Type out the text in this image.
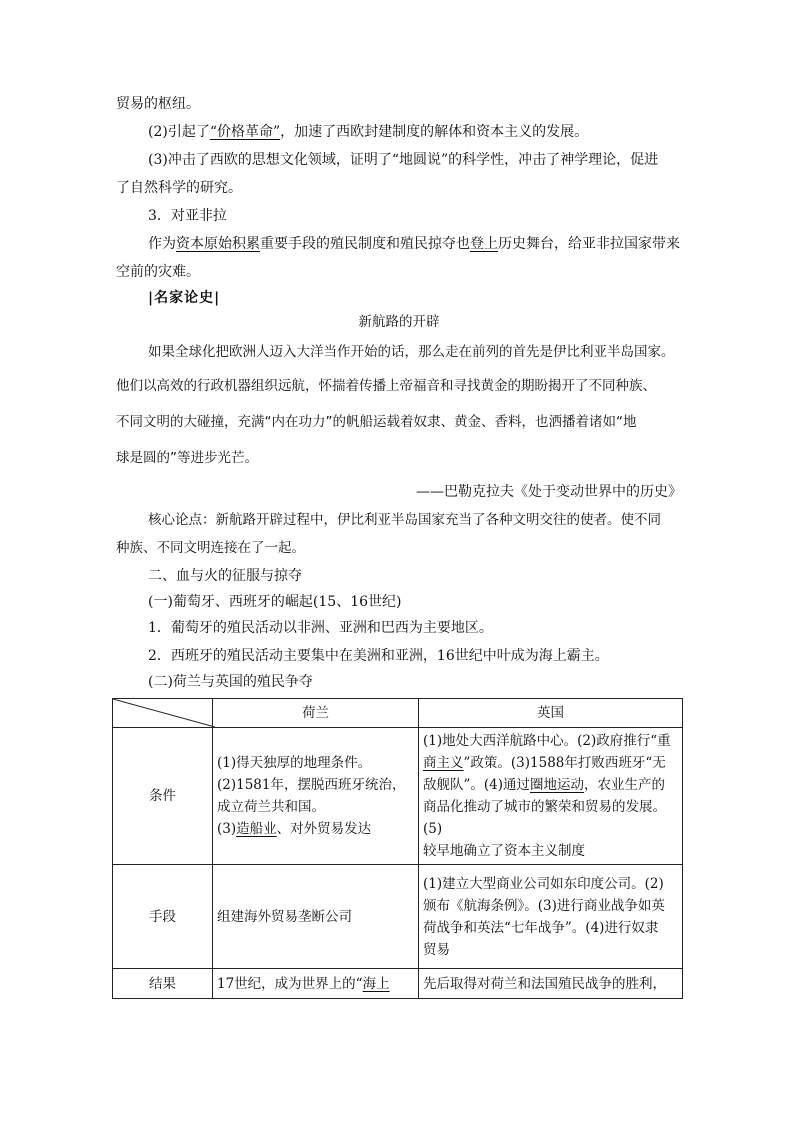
贸易的枢纽。
(2)引起了“价格革命”，加速了西欧封建制度的解体和资本主义的发展。
(3)冲击了西欧的思想文化领域，证明了“地圆说”的科学性，冲击了神学理论，促进
了自然科学的研究。
3．对亚非拉
作为资本原始积累重要手段的殖民制度和殖民掠夺也登上历史舞台，给亚非拉国家带来
空前的灾难。
|名家论史|
新航路的开辟
如果全球化把欧洲人迈入大洋当作开始的话，那么走在前列的首先是伊比利亚半岛国家。
他们以高效的行政机器组织远航，怀揣着传播上帝福音和寻找黄金的期盼揭开了不同种族、
不同文明的大碰撞，充满“内在功力”的帆船运载着奴隶、黄金、香料，也洒播着诸如“地
球是圆的”等进步光芒。
——巴勒克拉夫《处于变动世界中的历史》
核心论点：新航路开辟过程中，伊比利亚半岛国家充当了各种文明交往的使者。使不同
种族、不同文明连接在了一起。
二、血与火的征服与掠夺
(一)葡萄牙、西班牙的崛起(15、16世纪)
1．葡萄牙的殖民活动以非洲、亚洲和巴西为主要地区。
2．西班牙的殖民活动主要集中在美洲和亚洲，16世纪中叶成为海上霸主。
(二)荷兰与英国的殖民争夺
	荷兰	英国
条件	(1)得天独厚的地理条件。
(2)1581年，摆脱西班牙统治，
成立荷兰共和国。
(3)造船业、对外贸易发达	(1)地处大西洋航路中心。(2)政府推行“重
商主义”政策。(3)1588年打败西班牙“无
敌舰队”。(4)通过圈地运动，农业生产的
商品化推动了城市的繁荣和贸易的发展。(5)
较早地确立了资本主义制度

手段	组建海外贸易垄断公司	(1)建立大型商业公司如东印度公司。(2)
颁布《航海条例》。(3)进行商业战争如英
荷战争和英法“七年战争”。(4)进行奴隶
贸易

结果	17世纪，成为世界上的“海上	先后取得对荷兰和法国殖民战争的胜利，
